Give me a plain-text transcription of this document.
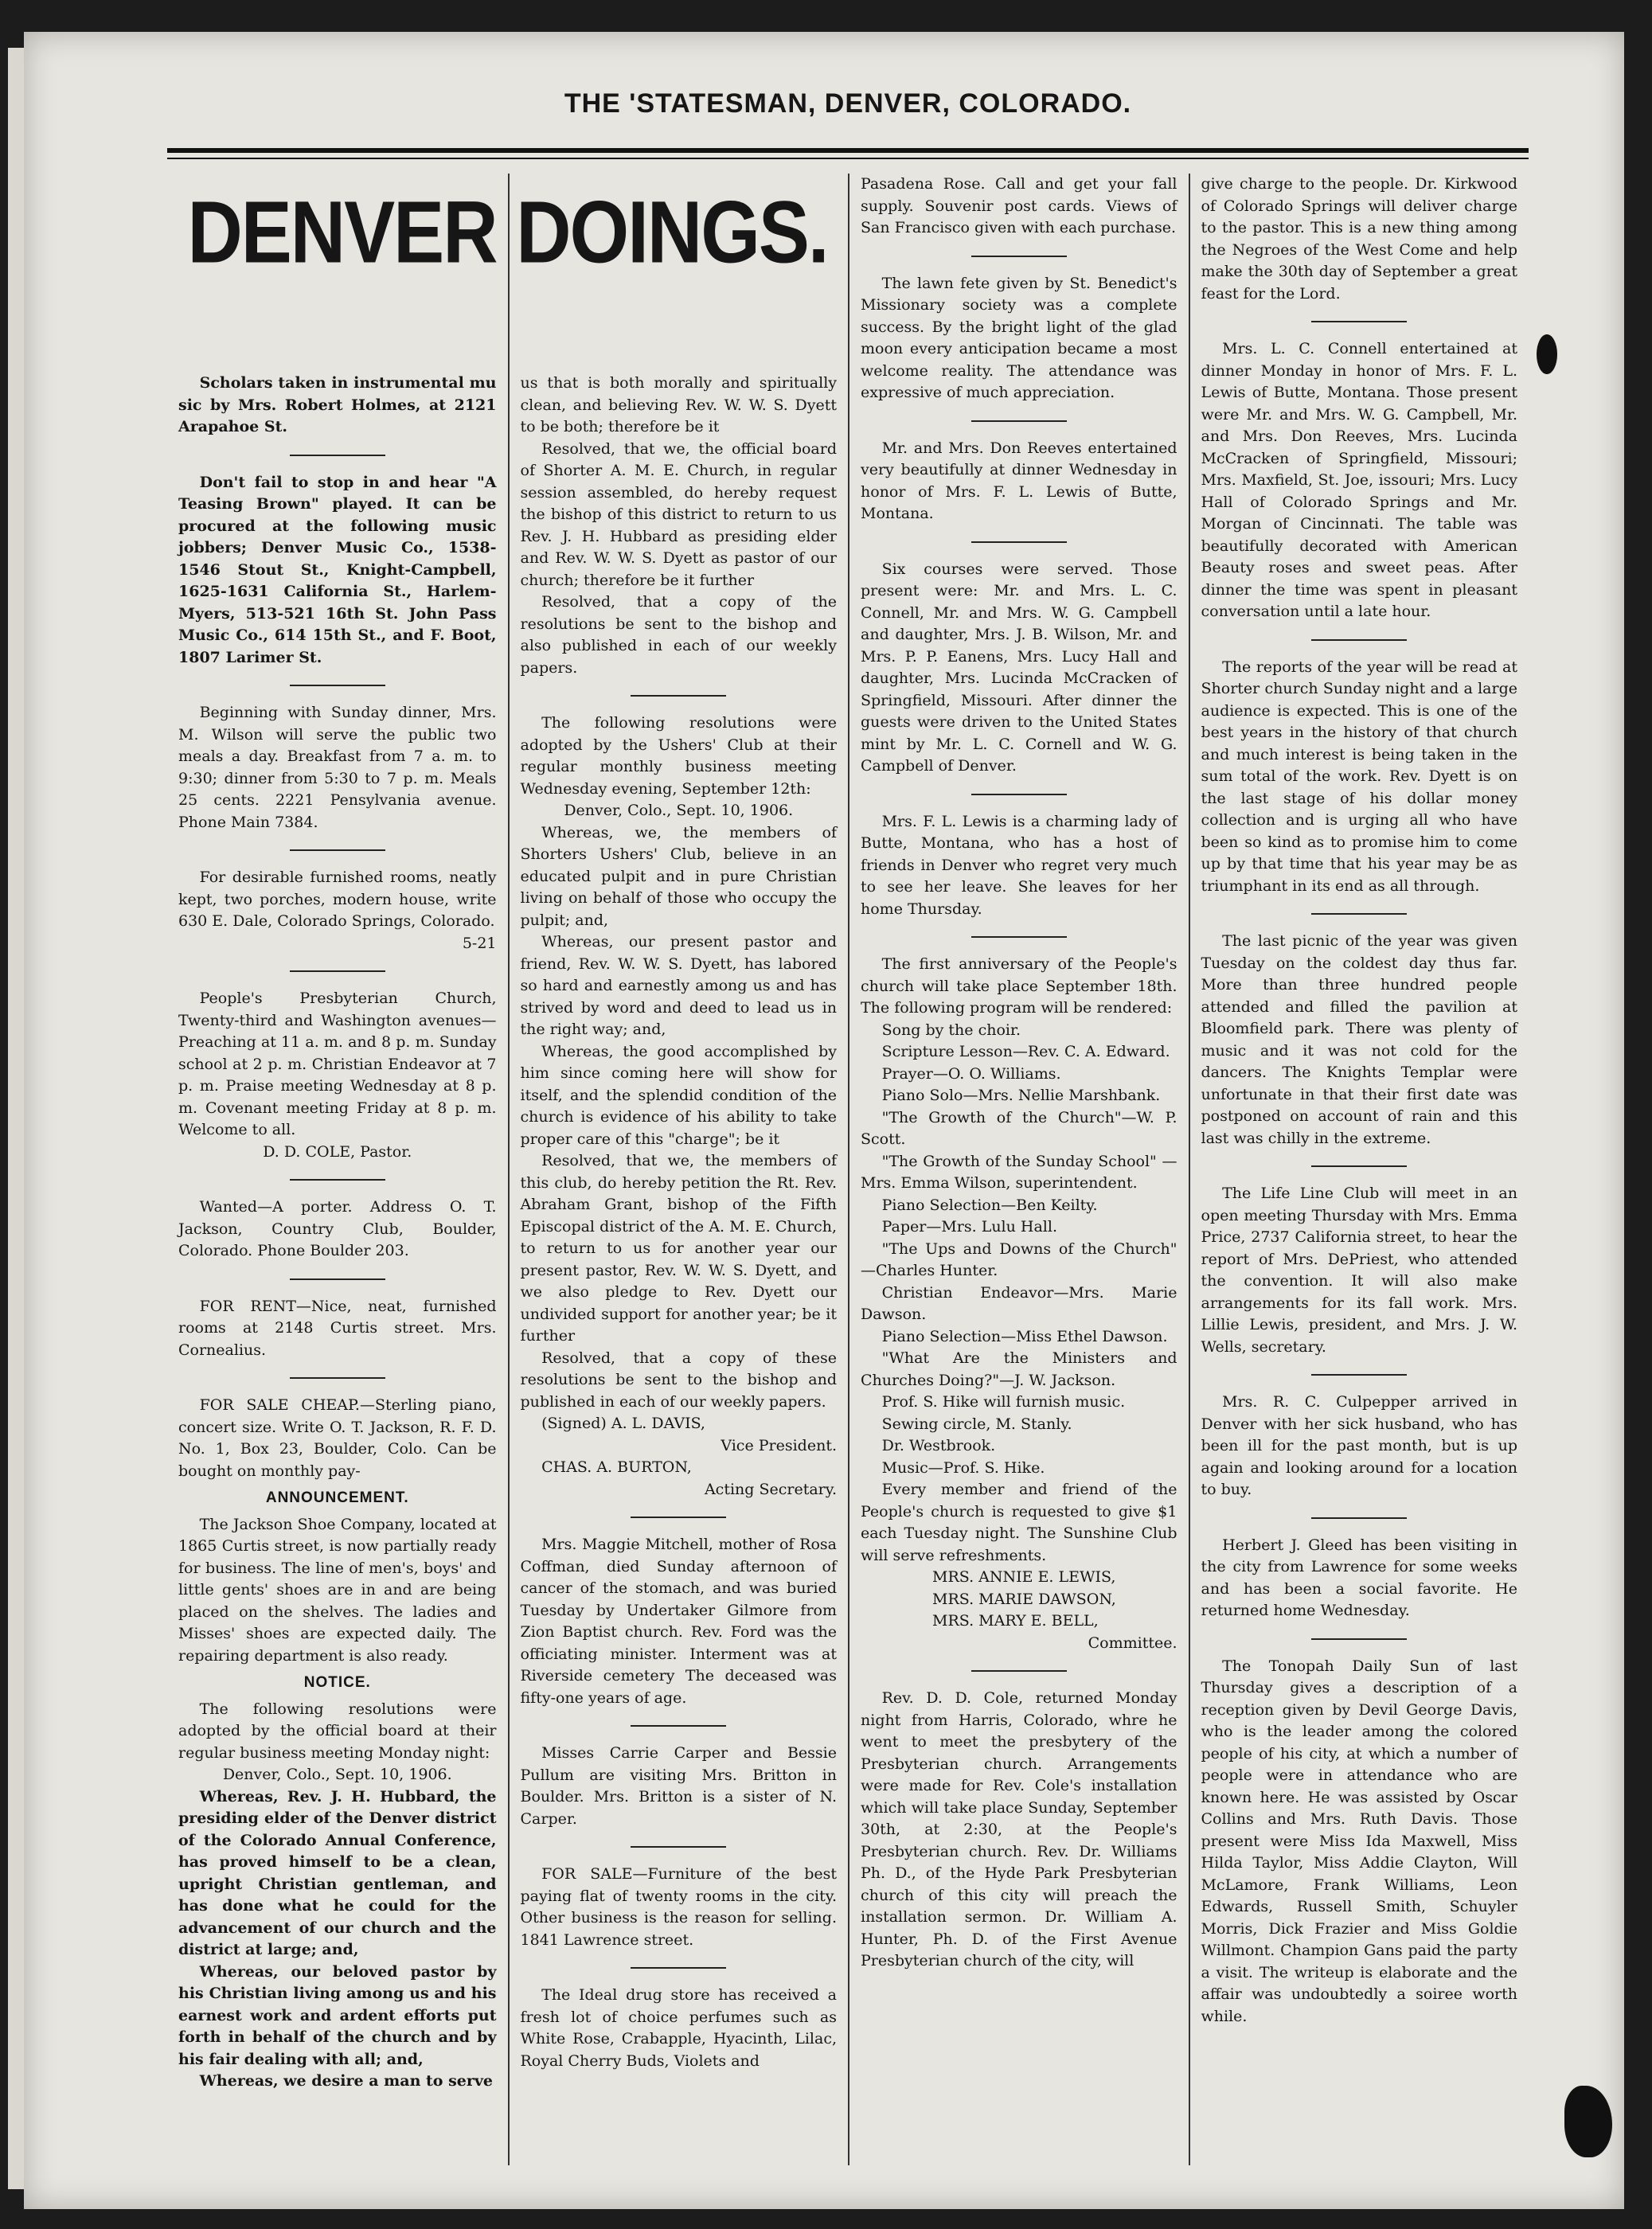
THE 'STATESMAN, DENVER, COLORADO.
DENVER DOINGS.

Scholars taken in instrumental mu sic by Mrs. Robert Holmes, at 2121 Arapahoe St.

Don't fail to stop in and hear "A Teasing Brown" played. It can be procured at the following music jobbers; Denver Music Co., 1538-1546 Stout St., Knight-Campbell, 1625-1631 California St., Harlem-Myers, 513-521 16th St. John Pass Music Co., 614 15th St., and F. Boot, 1807 Larimer St.

Beginning with Sunday dinner, Mrs. M. Wilson will serve the public two meals a day. Breakfast from 7 a. m. to 9:30; dinner from 5:30 to 7 p. m. Meals 25 cents. 2221 Pensylvania avenue. Phone Main 7384.

For desirable furnished rooms, neatly kept, two porches, modern house, write 630 E. Dale, Colorado Springs, Colorado.

5-21

People's Presbyterian Church, Twenty-third and Washington avenues—Preaching at 11 a. m. and 8 p. m. Sunday school at 2 p. m. Christian Endeavor at 7 p. m. Praise meeting Wednesday at 8 p. m. Covenant meeting Friday at 8 p. m. Welcome to all.

D. D. COLE, Pastor.

Wanted—A porter. Address O. T. Jackson, Country Club, Boulder, Colorado. Phone Boulder 203.

FOR RENT—Nice, neat, furnished rooms at 2148 Curtis street. Mrs. Cornealius.

FOR SALE CHEAP.—Sterling piano, concert size. Write O. T. Jackson, R. F. D. No. 1, Box 23, Boulder, Colo. Can be bought on monthly pay-

ANNOUNCEMENT.

The Jackson Shoe Company, located at 1865 Curtis street, is now partially ready for business. The line of men's, boys' and little gents' shoes are in and are being placed on the shelves. The ladies and Misses' shoes are expected daily. The repairing department is also ready.

NOTICE.

The following resolutions were adopted by the official board at their regular business meeting Monday night:

Denver, Colo., Sept. 10, 1906.

Whereas, Rev. J. H. Hubbard, the presiding elder of the Denver district of the Colorado Annual Conference, has proved himself to be a clean, upright Christian gentleman, and has done what he could for the advancement of our church and the district at large; and,

Whereas, our beloved pastor by his Christian living among us and his earnest work and ardent efforts put forth in behalf of the church and by his fair dealing with all; and,

Whereas, we desire a man to serve

us that is both morally and spiritually clean, and believing Rev. W. W. S. Dyett to be both; therefore be it

Resolved, that we, the official board of Shorter A. M. E. Church, in regular session assembled, do hereby request the bishop of this district to return to us Rev. J. H. Hubbard as presiding elder and Rev. W. W. S. Dyett as pastor of our church; therefore be it further

Resolved, that a copy of the resolutions be sent to the bishop and also published in each of our weekly papers.

The following resolutions were adopted by the Ushers' Club at their regular monthly business meeting Wednesday evening, September 12th:

Denver, Colo., Sept. 10, 1906.

Whereas, we, the members of Shorters Ushers' Club, believe in an educated pulpit and in pure Christian living on behalf of those who occupy the pulpit; and,

Whereas, our present pastor and friend, Rev. W. W. S. Dyett, has labored so hard and earnestly among us and has strived by word and deed to lead us in the right way; and,

Whereas, the good accomplished by him since coming here will show for itself, and the splendid condition of the church is evidence of his ability to take proper care of this "charge"; be it

Resolved, that we, the members of this club, do hereby petition the Rt. Rev. Abraham Grant, bishop of the Fifth Episcopal district of the A. M. E. Church, to return to us for another year our present pastor, Rev. W. W. S. Dyett, and we also pledge to Rev. Dyett our undivided support for another year; be it further

Resolved, that a copy of these resolutions be sent to the bishop and published in each of our weekly papers.

(Signed) A. L. DAVIS,

Vice President.

CHAS. A. BURTON,

Acting Secretary.

Mrs. Maggie Mitchell, mother of Rosa Coffman, died Sunday afternoon of cancer of the stomach, and was buried Tuesday by Undertaker Gilmore from Zion Baptist church. Rev. Ford was the officiating minister. Interment was at Riverside cemetery The deceased was fifty-one years of age.

Misses Carrie Carper and Bessie Pullum are visiting Mrs. Britton in Boulder. Mrs. Britton is a sister of N. Carper.

FOR SALE—Furniture of the best paying flat of twenty rooms in the city. Other business is the reason for selling. 1841 Lawrence street.

The Ideal drug store has received a fresh lot of choice perfumes such as White Rose, Crabapple, Hyacinth, Lilac, Royal Cherry Buds, Violets and

Pasadena Rose. Call and get your fall supply. Souvenir post cards. Views of San Francisco given with each purchase.

The lawn fete given by St. Benedict's Missionary society was a complete success. By the bright light of the glad moon every anticipation became a most welcome reality. The attendance was expressive of much appreciation.

Mr. and Mrs. Don Reeves entertained very beautifully at dinner Wednesday in honor of Mrs. F. L. Lewis of Butte, Montana.

Six courses were served. Those present were: Mr. and Mrs. L. C. Connell, Mr. and Mrs. W. G. Campbell and daughter, Mrs. J. B. Wilson, Mr. and Mrs. P. P. Eanens, Mrs. Lucy Hall and daughter, Mrs. Lucinda McCracken of Springfield, Missouri. After dinner the guests were driven to the United States mint by Mr. L. C. Cornell and W. G. Campbell of Denver.

Mrs. F. L. Lewis is a charming lady of Butte, Montana, who has a host of friends in Denver who regret very much to see her leave. She leaves for her home Thursday.

The first anniversary of the People's church will take place September 18th. The following program will be rendered:

Song by the choir.

Scripture Lesson—Rev. C. A. Edward.

Prayer—O. O. Williams.

Piano Solo—Mrs. Nellie Marshbank.

"The Growth of the Church"—W. P. Scott.

"The Growth of the Sunday School" —Mrs. Emma Wilson, superintendent.

Piano Selection—Ben Keilty.

Paper—Mrs. Lulu Hall.

"The Ups and Downs of the Church" —Charles Hunter.

Christian Endeavor—Mrs. Marie Dawson.

Piano Selection—Miss Ethel Dawson.

"What Are the Ministers and Churches Doing?"—J. W. Jackson.

Prof. S. Hike will furnish music.

Sewing circle, M. Stanly.

Dr. Westbrook.

Music—Prof. S. Hike.

Every member and friend of the People's church is requested to give $1 each Tuesday night. The Sunshine Club will serve refreshments.

MRS. ANNIE E. LEWIS,

MRS. MARIE DAWSON,

MRS. MARY E. BELL,

Committee.

Rev. D. D. Cole, returned Monday night from Harris, Colorado, whre he went to meet the presbytery of the Presbyterian church. Arrangements were made for Rev. Cole's installation which will take place Sunday, September 30th, at 2:30, at the People's Presbyterian church. Rev. Dr. Williams Ph. D., of the Hyde Park Presbyterian church of this city will preach the installation sermon. Dr. William A. Hunter, Ph. D. of the First Avenue Presbyterian church of the city, will

give charge to the people. Dr. Kirkwood of Colorado Springs will deliver charge to the pastor. This is a new thing among the Negroes of the West Come and help make the 30th day of September a great feast for the Lord.

Mrs. L. C. Connell entertained at dinner Monday in honor of Mrs. F. L. Lewis of Butte, Montana. Those present were Mr. and Mrs. W. G. Campbell, Mr. and Mrs. Don Reeves, Mrs. Lucinda McCracken of Springfield, Missouri; Mrs. Maxfield, St. Joe, issouri; Mrs. Lucy Hall of Colorado Springs and Mr. Morgan of Cincinnati. The table was beautifully decorated with American Beauty roses and sweet peas. After dinner the time was spent in pleasant conversation until a late hour.

The reports of the year will be read at Shorter church Sunday night and a large audience is expected. This is one of the best years in the history of that church and much interest is being taken in the sum total of the work. Rev. Dyett is on the last stage of his dollar money collection and is urging all who have been so kind as to promise him to come up by that time that his year may be as triumphant in its end as all through.

The last picnic of the year was given Tuesday on the coldest day thus far. More than three hundred people attended and filled the pavilion at Bloomfield park. There was plenty of music and it was not cold for the dancers. The Knights Templar were unfortunate in that their first date was postponed on account of rain and this last was chilly in the extreme.

The Life Line Club will meet in an open meeting Thursday with Mrs. Emma Price, 2737 California street, to hear the report of Mrs. DePriest, who attended the convention. It will also make arrangements for its fall work. Mrs. Lillie Lewis, president, and Mrs. J. W. Wells, secretary.

Mrs. R. C. Culpepper arrived in Denver with her sick husband, who has been ill for the past month, but is up again and looking around for a location to buy.

Herbert J. Gleed has been visiting in the city from Lawrence for some weeks and has been a social favorite. He returned home Wednesday.

The Tonopah Daily Sun of last Thursday gives a description of a reception given by Devil George Davis, who is the leader among the colored people of his city, at which a number of people were in attendance who are known here. He was assisted by Oscar Collins and Mrs. Ruth Davis. Those present were Miss Ida Maxwell, Miss Hilda Taylor, Miss Addie Clayton, Will McLamore, Frank Williams, Leon Edwards, Russell Smith, Schuyler Morris, Dick Frazier and Miss Goldie Willmont. Champion Gans paid the party a visit. The writeup is elaborate and the affair was undoubtedly a soiree worth while.
